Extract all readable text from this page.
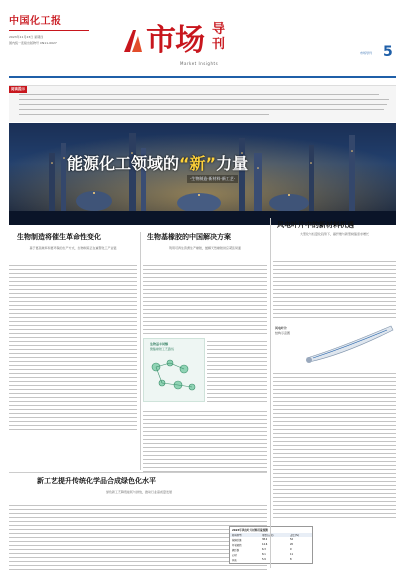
中国化工报
2023年11月23日 星期四
国内统一连续出版物号 CN11-0027	市场 导刊
Market Insights
市场导刊 5
阅读提示
能源化工领域的“新”力量
·生物制造·新材料·新工艺·
生物制造将催生革命性变化
基于更高效率和更环保的生产方式，生物制造正在重塑化工产业链
生物基橡胶的中国解决方案
利用可再生资源生产橡胶，缓解天然橡胶供应紧张局面
生物基丰同醇
聚酯橡胶工艺路线
风电叶片中的新材料机遇
大型化与轻量化趋势下，碳纤维与新型树脂需求增长
风电叶片
结构示意图
新工艺提升传统化学品合成绿色化水平
绿色新工艺降低能耗与排放，推动行业高质量发展
2023年风电叶片材料用量预测
材料类型	用量(万吨)	占比(%)
玻璃纤维	38.2	52
环氧树脂	14.6	20
碳纤维	6.3	9
芯材	8.1	11
其他	5.9	8
